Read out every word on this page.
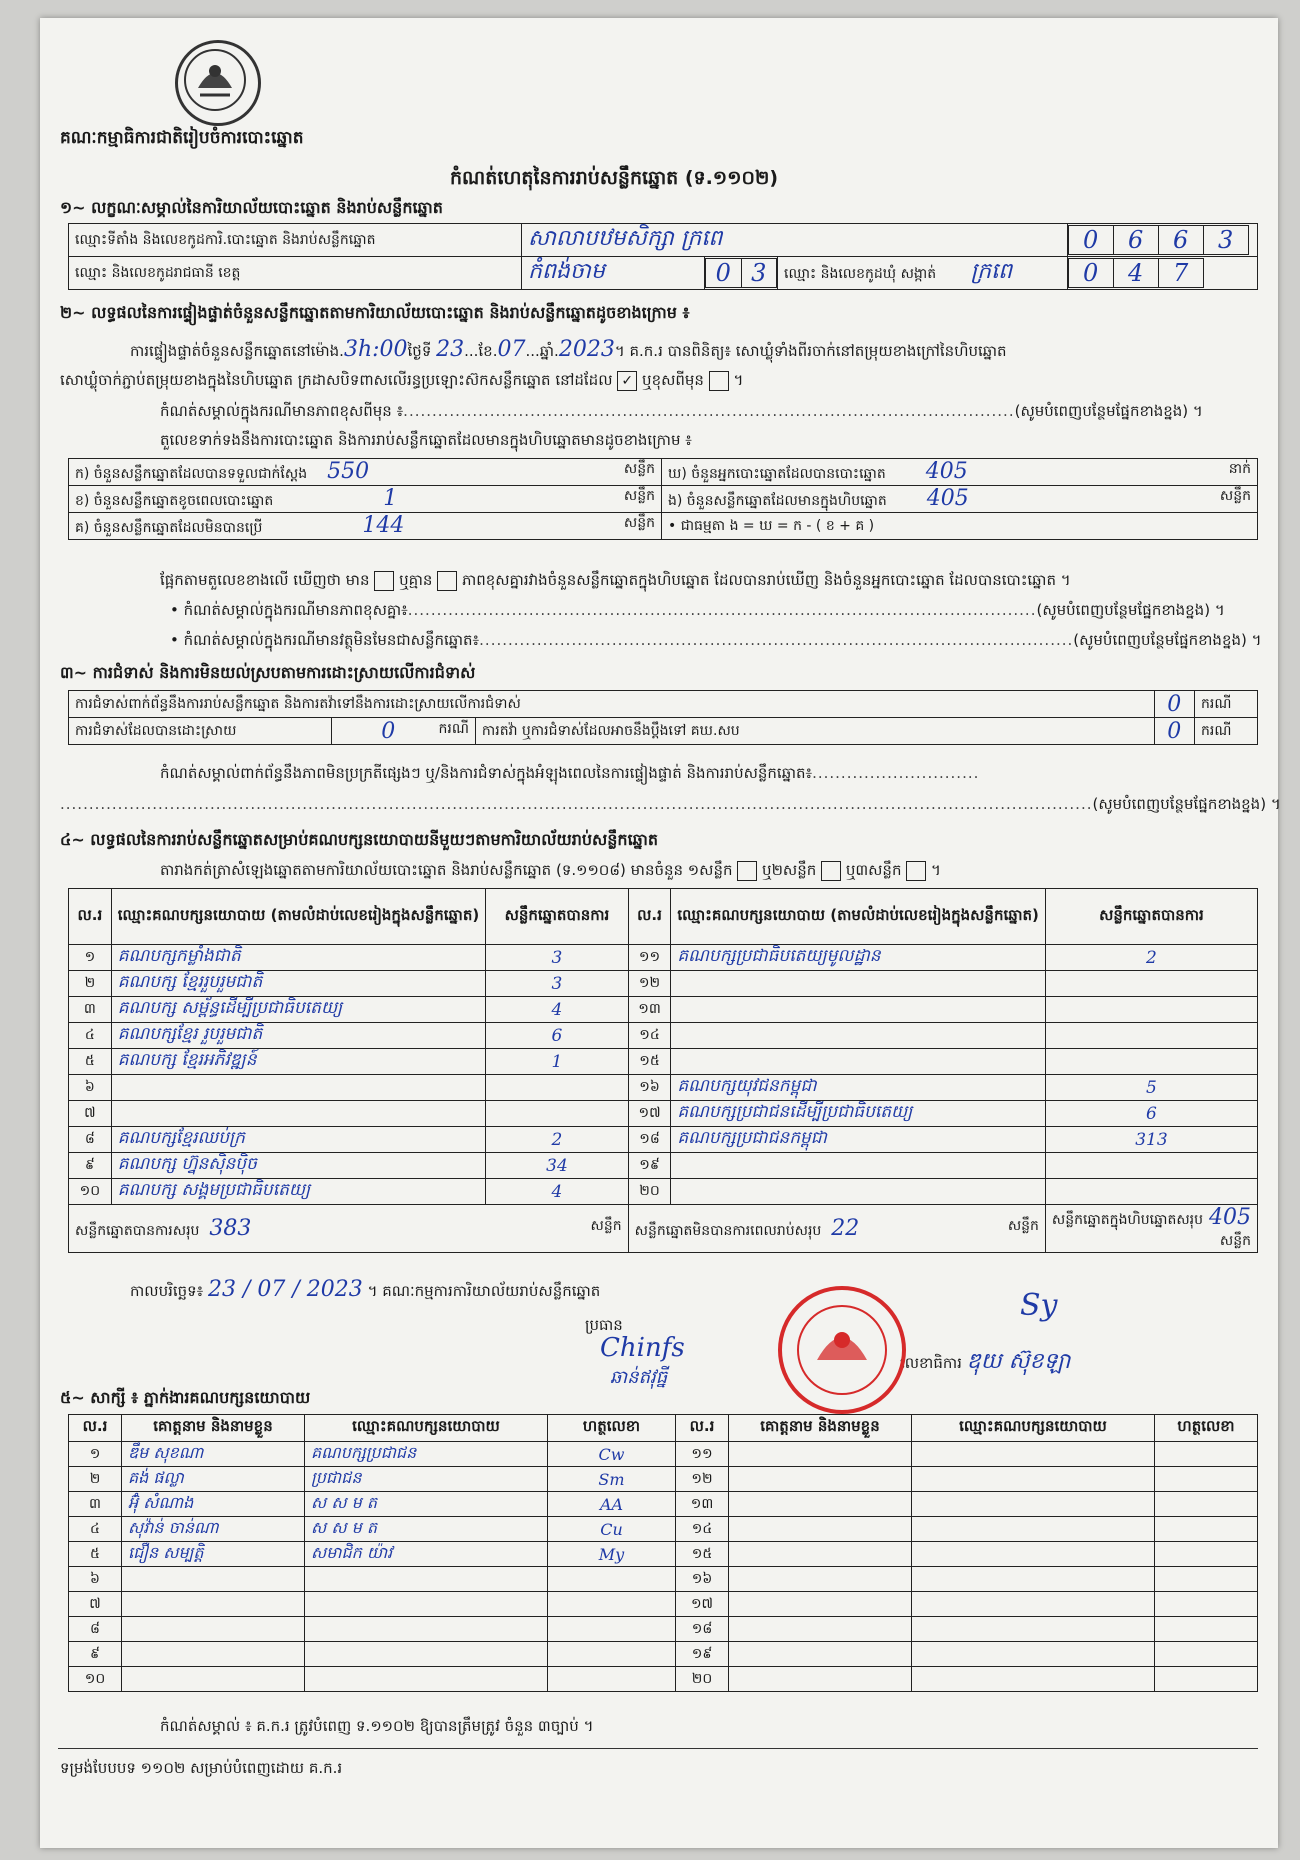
គណៈកម្មាធិការជាតិរៀបចំការបោះឆ្នោត
កំណត់ហេតុនៃការរាប់សន្លឹកឆ្នោត (ទ.១១០២)
១~ លក្ខណៈសម្គាល់នៃការិយាល័យបោះឆ្នោត និងរាប់សន្លឹកឆ្នោត
ឈ្មោះទីតាំង និងលេខកូដការិ.បោះឆ្នោត និងរាប់សន្លឹកឆ្នោត	សាលាបឋមសិក្សា ក្រពេ		0	6	6	3

ឈ្មោះ និងលេខកូដរាជធានី ខេត្ត	កំពង់ចាម		0	3
	ឈ្មោះ និងលេខកូដឃុំ សង្កាត់ ក្រពេ		0	4	7
២~ លទ្ធផលនៃការផ្ទៀងផ្ទាត់ចំនួនសន្លឹកឆ្នោតតាមការិយាល័យបោះឆ្នោត និងរាប់សន្លឹកឆ្នោតដូចខាងក្រោម ៖
ការផ្ទៀងផ្ទាត់ចំនួនសន្លឹកឆ្នោតនៅម៉ោង.3h:00ថ្ងៃទី 23...ខែ.07...ឆ្នាំ.2023។ គ.ក.រ បានពិនិត្យ៖ សោឃ្លុំទាំងពីរចាក់នៅតម្រុយខាងក្រៅនៃហិបឆ្នោត
សោឃ្លុំចាក់ភ្ជាប់តម្រុយខាងក្នុងនៃហិបឆ្នោត ក្រដាសបិទពាសលើរន្ធប្រឡោះស៊កសន្លឹកឆ្នោត នៅដដែល ✓ ឬខុសពីមុន  ។
កំណត់សម្គាល់ក្នុងករណីមានភាពខុសពីមុន ៖..........................................................................................................(សូមបំពេញបន្ថែមផ្នែកខាងខ្នង) ។
តួលេខទាក់ទងនឹងការបោះឆ្នោត និងការរាប់សន្លឹកឆ្នោតដែលមានក្នុងហិបឆ្នោតមានដូចខាងក្រោម ៖
ក) ចំនួនសន្លឹកឆ្នោតដែលបានទទួលជាក់ស្តែង 550 សន្លឹក	ឃ) ចំនួនអ្នកបោះឆ្នោតដែលបានបោះឆ្នោត 405 នាក់

ខ) ចំនួនសន្លឹកឆ្នោតខូចពេលបោះឆ្នោត 1 សន្លឹក	ង) ចំនួនសន្លឹកឆ្នោតដែលមានក្នុងហិបឆ្នោត 405 សន្លឹក

គ) ចំនួនសន្លឹកឆ្នោតដែលមិនបានប្រើ 144 សន្លឹក	• ជាធម្មតា ង = ឃ = ក - ( ខ + គ )
ផ្អែកតាមតួលេខខាងលើ ឃើញថា មាន ឬគ្មាន ភាពខុសគ្នារវាងចំនួនសន្លឹកឆ្នោតក្នុងហិបឆ្នោត ដែលបានរាប់ឃើញ និងចំនួនអ្នកបោះឆ្នោត ដែលបានបោះឆ្នោត ។
• កំណត់សម្គាល់ក្នុងករណីមានភាពខុសគ្នា៖.............................................................................................................(សូមបំពេញបន្ថែមផ្នែកខាងខ្នង) ។
• កំណត់សម្គាល់ក្នុងករណីមានវត្ថុមិនមែនជាសន្លឹកឆ្នោត៖.......................................................................................................(សូមបំពេញបន្ថែមផ្នែកខាងខ្នង) ។
៣~ ការជំទាស់ និងការមិនយល់ស្របតាមការដោះស្រាយលើការជំទាស់
ការជំទាស់ពាក់ព័ន្ធនឹងការរាប់សន្លឹកឆ្នោត និងការតវ៉ាទៅនឹងការដោះស្រាយលើការជំទាស់			0	ករណី
ការជំទាស់ដែលបានដោះស្រាយ	0 ករណី	ការតវ៉ា ឬការជំទាស់ដែលអាចនឹងប្តឹងទៅ គឃ.សប	0	ករណី
កំណត់សម្គាល់ពាក់ព័ន្ធនឹងភាពមិនប្រក្រតីផ្សេងៗ ឬ/និងការជំទាស់ក្នុងអំឡុងពេលនៃការផ្ទៀងផ្ទាត់ និងការរាប់សន្លឹកឆ្នោត៖.............................
...................................................................................................................................................................................(សូមបំពេញបន្ថែមផ្នែកខាងខ្នង) ។
៤~ លទ្ធផលនៃការរាប់សន្លឹកឆ្នោតសម្រាប់គណបក្សនយោបាយនីមួយៗតាមការិយាល័យរាប់សន្លឹកឆ្នោត
តារាងកត់ត្រាសំឡេងឆ្នោតតាមការិយាល័យបោះឆ្នោត និងរាប់សន្លឹកឆ្នោត (ទ.១១០៨) មានចំនួន ១សន្លឹក ឬ២សន្លឹក ឬ៣សន្លឹក  ។
ល.រ	ឈ្មោះគណបក្សនយោបាយ (តាមលំដាប់លេខរៀងក្នុងសន្លឹកឆ្នោត)	សន្លឹកឆ្នោតបានការ	ល.រ	ឈ្មោះគណបក្សនយោបាយ (តាមលំដាប់លេខរៀងក្នុងសន្លឹកឆ្នោត)	សន្លឹកឆ្នោតបានការ
១	គណបក្សកម្លាំងជាតិ	3	១១	គណបក្សប្រជាធិបតេយ្យមូលដ្ឋាន	2
២	គណបក្ស ខ្មែររួបរួមជាតិ	3	១២		
៣	គណបក្ស សម្ព័ន្ធដើម្បីប្រជាធិបតេយ្យ	4	១៣		
៤	គណបក្សខ្មែរ រួបរួមជាតិ	6	១៤		
៥	គណបក្ស ខ្មែរអភិវឌ្ឍន៍	1	១៥		
៦			១៦	គណបក្សយុវជនកម្ពុជា	5
៧			១៧	គណបក្សប្រជាជនដើម្បីប្រជាធិបតេយ្យ	6
៨	គណបក្សខ្មែរឈប់ក្រ	2	១៨	គណបក្សប្រជាជនកម្ពុជា	313
៩	គណបក្ស ហ្វ៊ុនស៊ិនប៉ិច	34	១៩		
១០	គណបក្ស សង្គមប្រជាធិបតេយ្យ	4	២០		
សន្លឹកឆ្នោតបានការសរុប 383 សន្លឹក			សន្លឹកឆ្នោតមិនបានការពេលរាប់សរុប 22 សន្លឹក		សន្លឹកឆ្នោតក្នុងហិបឆ្នោតសរុប 405
សន្លឹក
កាលបរិច្ឆេទ៖ 23 / 07 / 2023 ។ គណៈកម្មការការិយាល័យរាប់សន្លឹកឆ្នោត
ប្រធាន
Chinfs
ឆាន់ឥវុធ្នី
លេខាធិការ ឌុយ ស៊ុខឡា
Sy
៥~ សាក្សី ៖ ភ្នាក់ងារគណបក្សនយោបាយ
ល.រ	គោត្តនាម និងនាមខ្លួន	ឈ្មោះគណបក្សនយោបាយ	ហត្ថលេខា	ល.រ	គោត្តនាម និងនាមខ្លួន	ឈ្មោះគណបក្សនយោបាយ	ហត្ថលេខា
១	ឌឹម សុខណា	គណបក្សប្រជាជន	Cw	១១			
២	គង់ ផល្លា	ប្រជាជន	Sm	១២			
៣	អ៊ុំ សំណាង	ស ស ម ត	AA	១៣			
៤	សុវ៉ាន់ ចាន់ណា	ស ស ម ត	Cu	១៤			
៥	ជឿន សម្បត្តិ	សមាជិក យ៉ាវ	My	១៥			
៦				១៦			
៧				១៧			
៨				១៨			
៩				១៩			
១០				២០			
កំណត់សម្គាល់ ៖ គ.ក.រ ត្រូវបំពេញ ទ.១១០២ ឱ្យបានត្រឹមត្រូវ ចំនួន ៣ច្បាប់ ។
ទម្រង់បែបបទ ១១០២ សម្រាប់បំពេញដោយ គ.ក.រ
